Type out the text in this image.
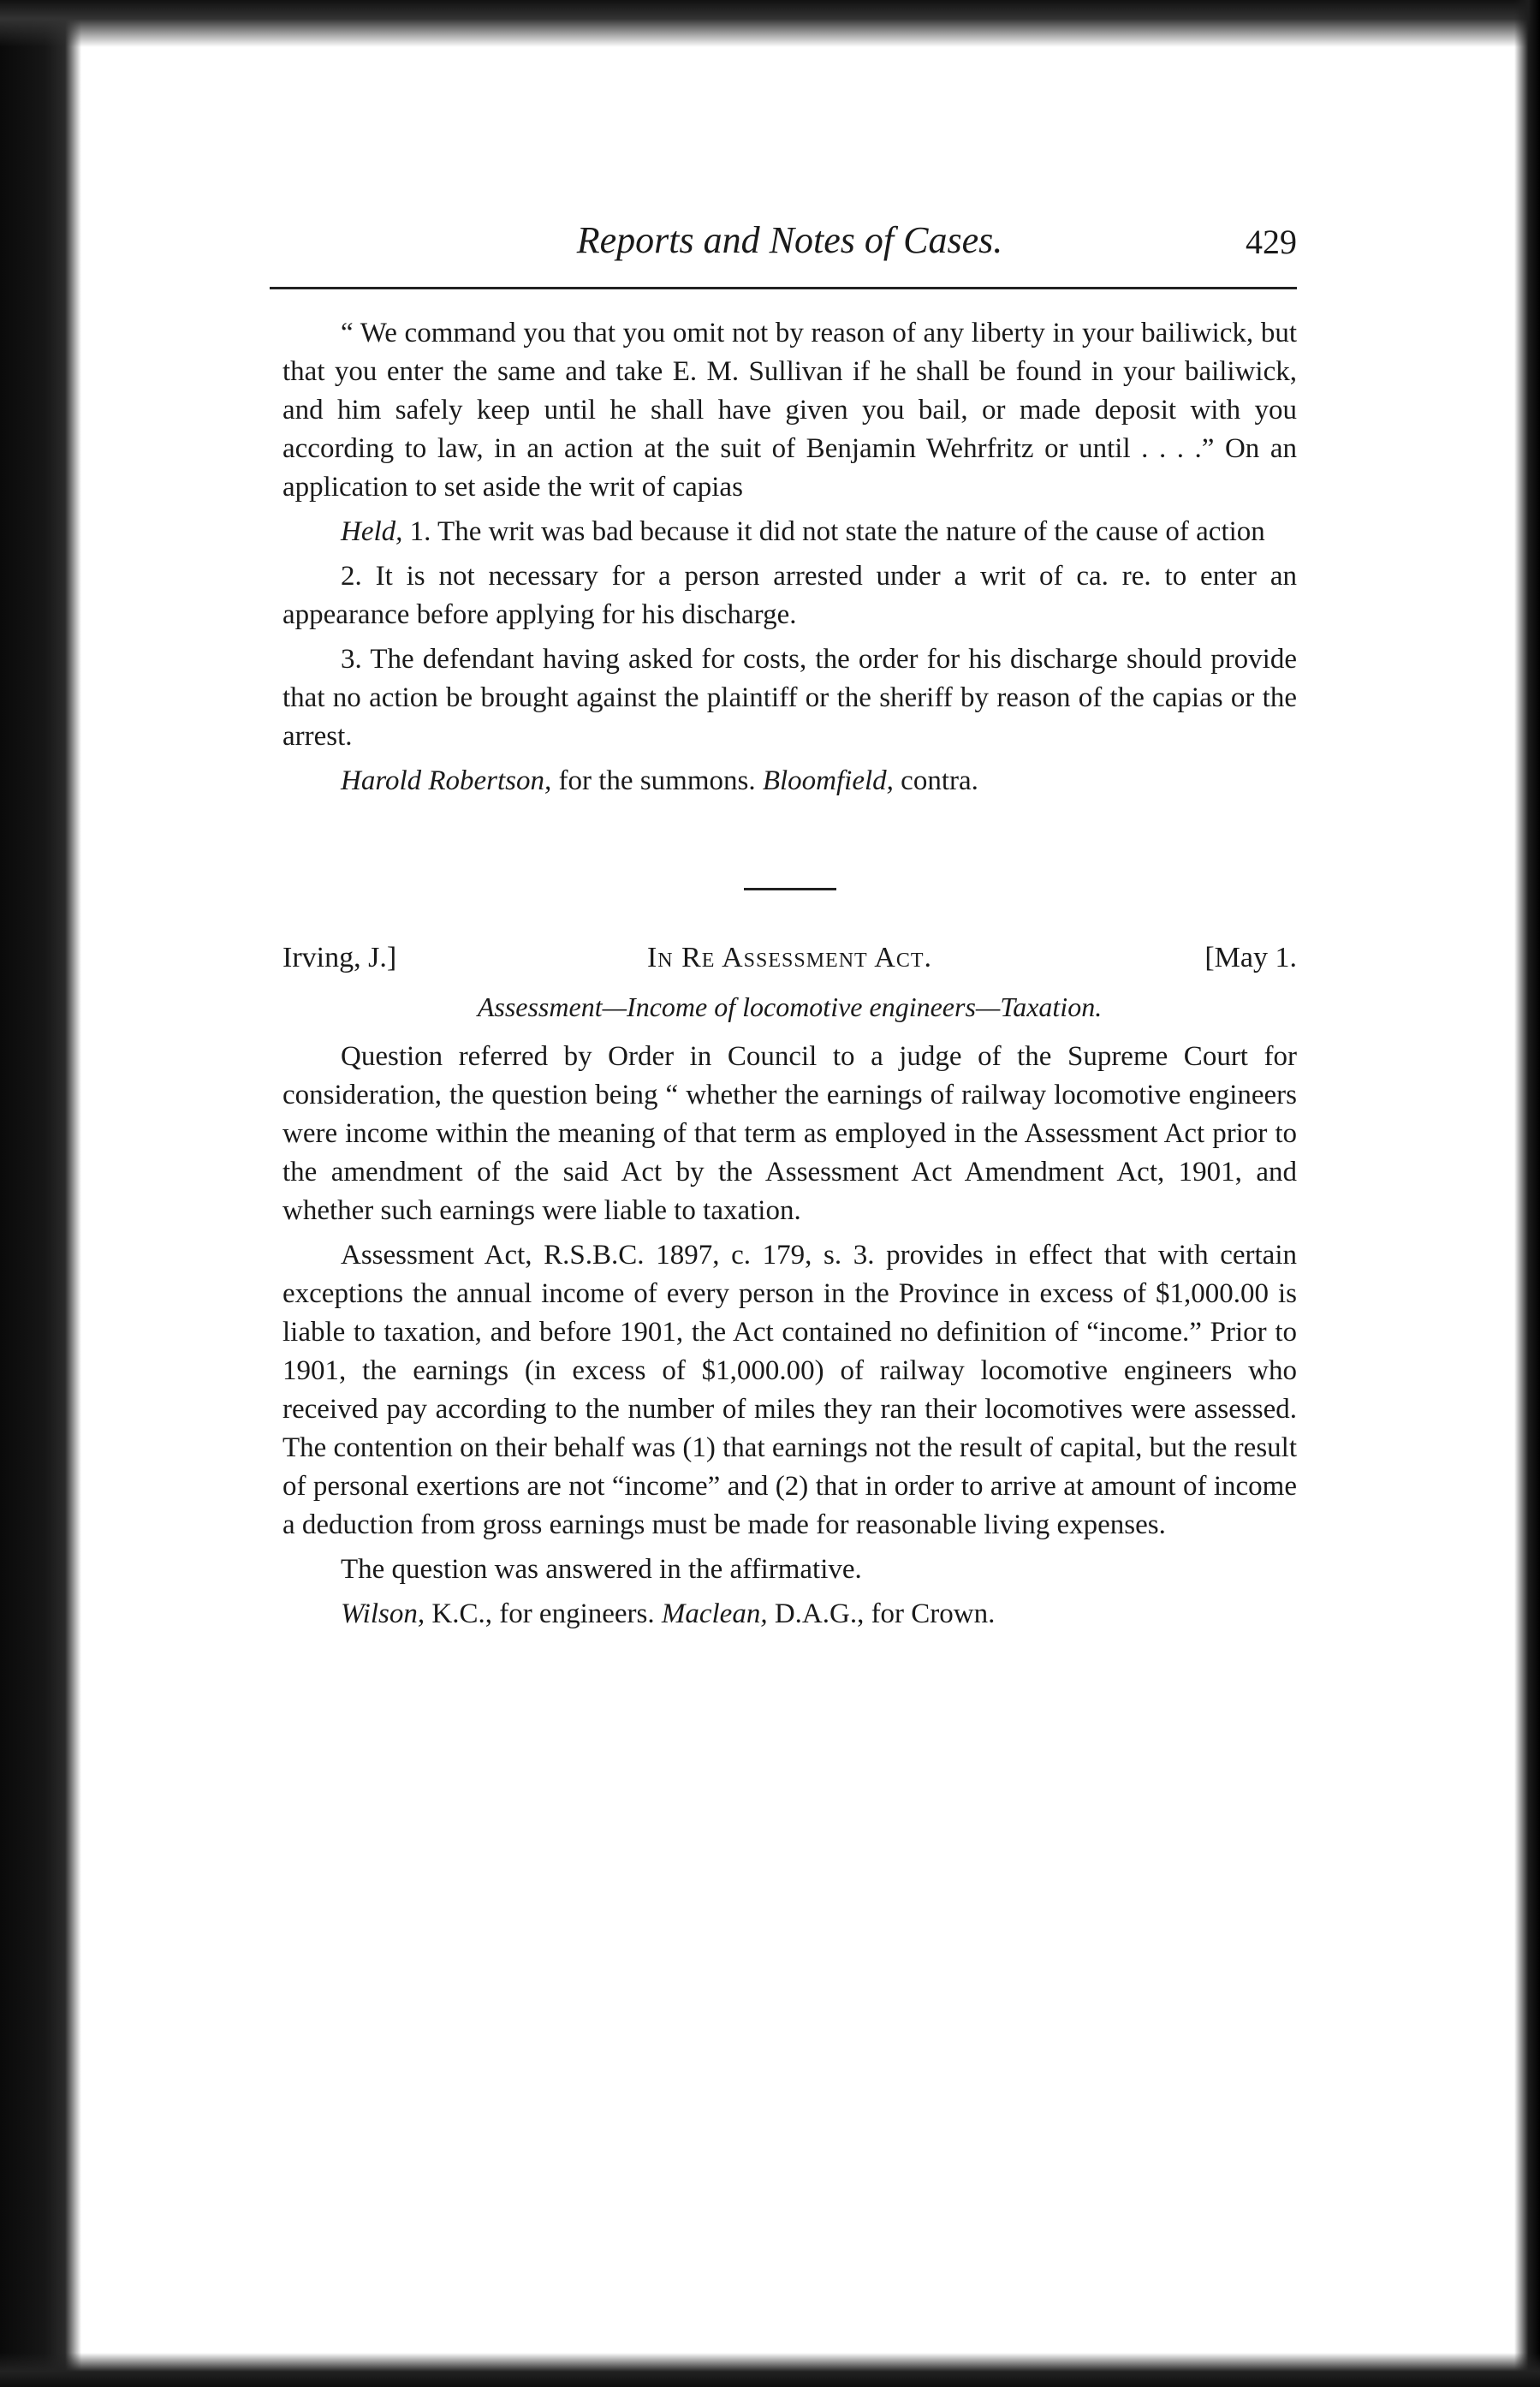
Reports and Notes of Cases.	429

“ We command you that you omit not by reason of any liberty in your bailiwick, but that you enter the same and take E. M. Sullivan if he shall be found in your bailiwick, and him safely keep until he shall have given you bail, or made deposit with you according to law, in an action at the suit of Benjamin Wehrfritz or until . . . .” On an application to set aside the writ of capias

Held, 1. The writ was bad because it did not state the nature of the cause of action

2. It is not necessary for a person arrested under a writ of ca. re. to enter an appearance before applying for his discharge.

3. The defendant having asked for costs, the order for his discharge should provide that no action be brought against the plaintiff or the sheriff by reason of the capias or the arrest.

Harold Robertson, for the summons. Bloomfield, contra.

Irving, J.]	In Re Assessment Act.	[May 1.
Assessment—Income of locomotive engineers—Taxation.

Question referred by Order in Council to a judge of the Supreme Court for consideration, the question being “ whether the earnings of railway locomotive engineers were income within the meaning of that term as employed in the Assessment Act prior to the amendment of the said Act by the Assessment Act Amendment Act, 1901, and whether such earnings were liable to taxation.

Assessment Act, R.S.B.C. 1897, c. 179, s. 3. provides in effect that with certain exceptions the annual income of every person in the Province in excess of $1,000.00 is liable to taxation, and before 1901, the Act contained no definition of “income.” Prior to 1901, the earnings (in excess of $1,000.00) of railway locomotive engineers who received pay according to the number of miles they ran their locomotives were assessed. The contention on their behalf was (1) that earnings not the result of capital, but the result of personal exertions are not “income” and (2) that in order to arrive at amount of income a deduction from gross earnings must be made for reasonable living expenses.

The question was answered in the affirmative.

Wilson, K.C., for engineers. Maclean, D.A.G., for Crown.
